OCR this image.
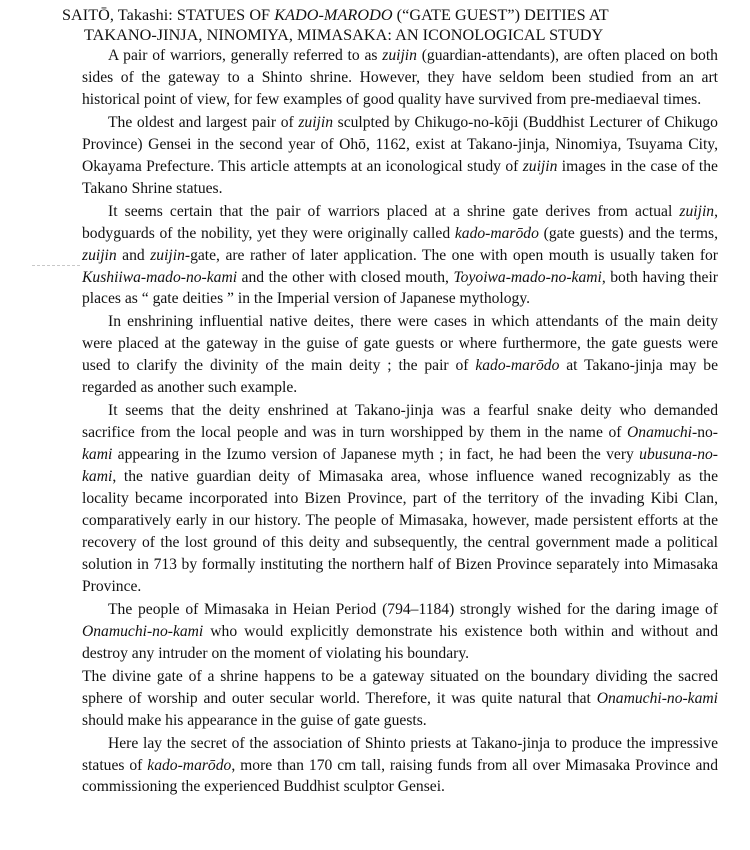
SAITŌ, Takashi: STATUES OF KADO-MARODO (“GATE GUEST”) DEITIES AT
TAKANO-JINJA, NINOMIYA, MIMASAKA: AN ICONOLOGICAL STUDY

A pair of warriors, generally referred to as zuijin (guardian-attendants), are often placed on both sides of the gateway to a Shinto shrine. However, they have seldom been studied from an art historical point of view, for few examples of good quality have survived from pre-mediaeval times.

The oldest and largest pair of zuijin sculpted by Chikugo-no-kōji (Buddhist Lecturer of Chikugo Province) Gensei in the second year of Ohō, 1162, exist at Takano-jinja, Ninomiya, Tsuyama City, Okayama Prefecture. This article attempts at an iconological study of zuijin images in the case of the Takano Shrine statues.

It seems certain that the pair of warriors placed at a shrine gate derives from actual zuijin, bodyguards of the nobility, yet they were originally called kado-marōdo (gate guests) and the terms, zuijin and zuijin-gate, are rather of later application. The one with open mouth is usually taken for Kushiiwa-mado-no-kami and the other with closed mouth, Toyoiwa-mado-no-kami, both having their places as “ gate deities ” in the Imperial version of Japanese mythology.

In enshrining influential native deites, there were cases in which attendants of the main deity were placed at the gateway in the guise of gate guests or where furthermore, the gate guests were used to clarify the divinity of the main deity ; the pair of kado-marōdo at Takano-jinja may be regarded as another such example.

It seems that the deity enshrined at Takano-jinja was a fearful snake deity who demanded sacrifice from the local people and was in turn worshipped by them in the name of Onamuchi-no-kami appearing in the Izumo version of Japanese myth ; in fact, he had been the very ubusuna-no-kami, the native guardian deity of Mimasaka area, whose influence waned recognizably as the locality became incorporated into Bizen Province, part of the territory of the invading Kibi Clan, comparatively early in our history. The people of Mimasaka, however, made persistent efforts at the recovery of the lost ground of this deity and subsequently, the central government made a political solution in 713 by formally instituting the northern half of Bizen Province separately into Mimasaka Province.

The people of Mimasaka in Heian Period (794–1184) strongly wished for the daring image of Onamuchi-no-kami who would explicitly demonstrate his existence both within and without and destroy any intruder on the moment of violating his boundary.

The divine gate of a shrine happens to be a gateway situated on the boundary dividing the sacred sphere of worship and outer secular world. Therefore, it was quite natural that Onamuchi-no-kami should make his appearance in the guise of gate guests.

Here lay the secret of the association of Shinto priests at Takano-jinja to produce the impressive statues of kado-marōdo, more than 170 cm tall, raising funds from all over Mimasaka Province and commissioning the experienced Buddhist sculptor Gensei.
